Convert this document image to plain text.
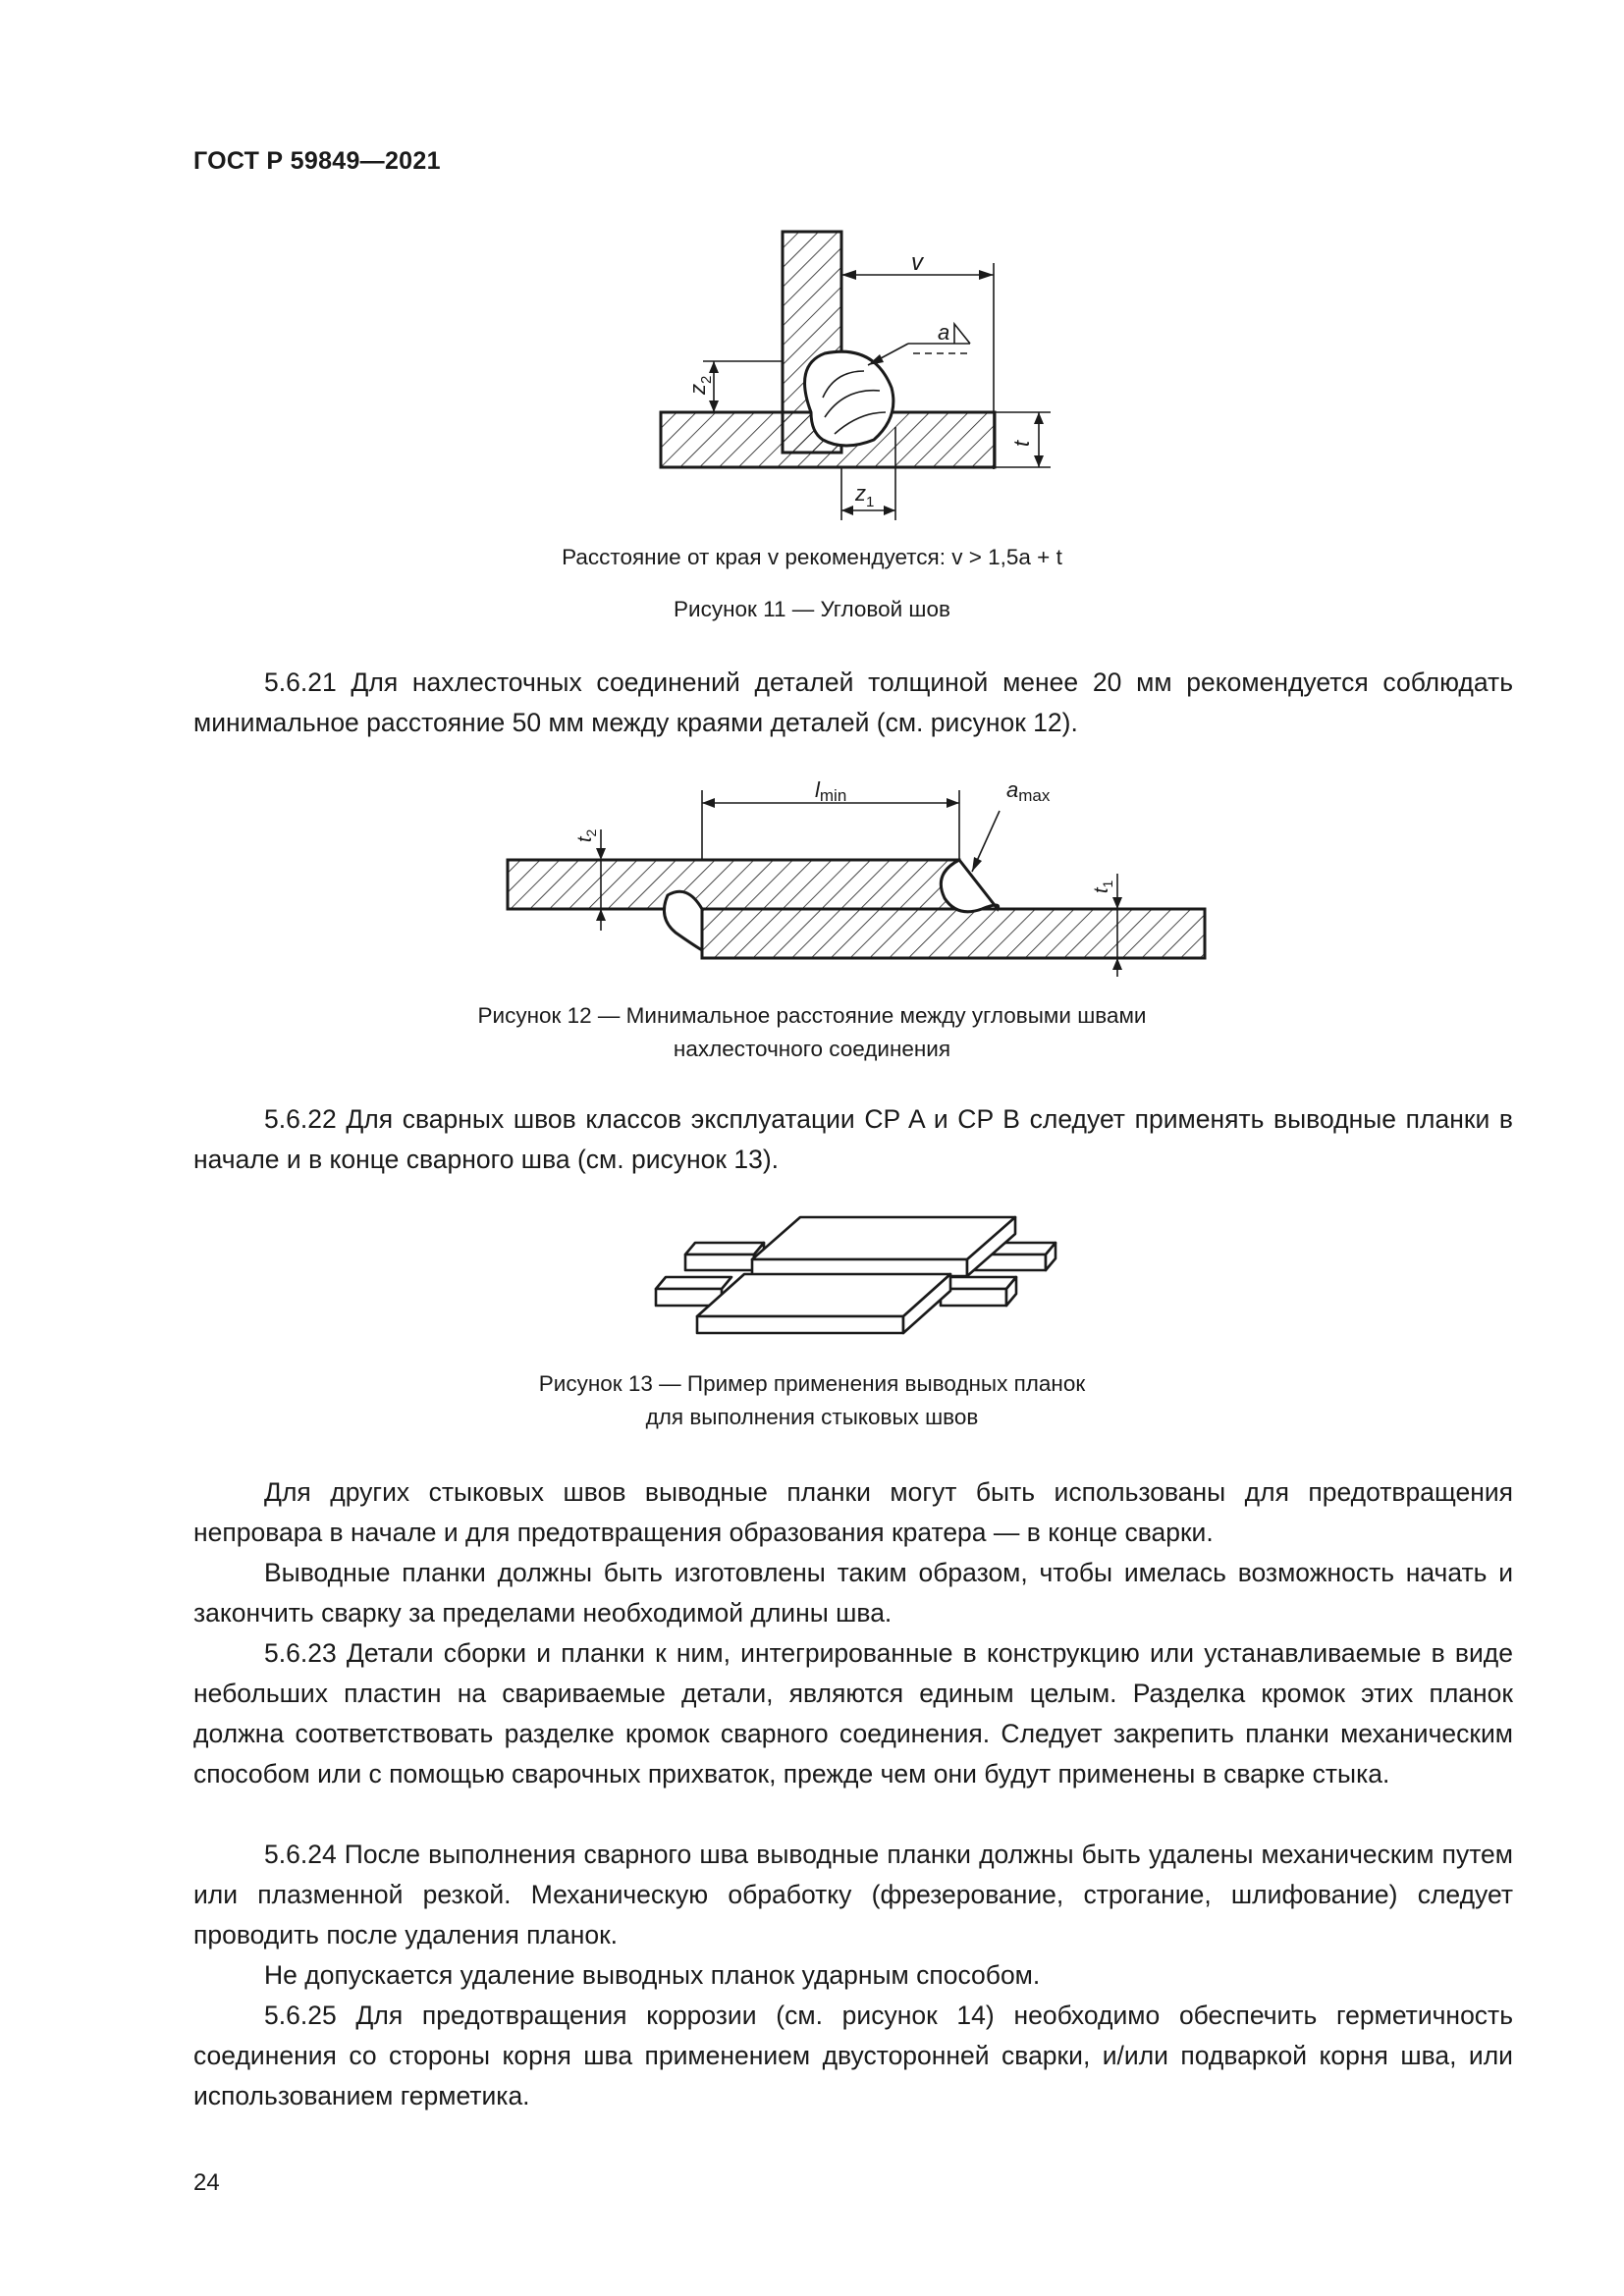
ГОСТ Р 59849—2021
v
a
$z_2$
t
$z_1$
Расстояние от края v рекомендуется: v > 1,5a + t
Рисунок 11 — Угловой шов

5.6.21 Для нахлесточных соединений деталей толщиной менее 20 мм рекомендуется соблюдать минимальное расстояние 50 мм между краями деталей (см. рисунок 12).

lmin	amax
$t_2$
$t_1$
Рисунок 12 — Минимальное расстояние между угловыми швами
нахлесточного соединения

5.6.22 Для сварных швов классов эксплуатации CP A и CP B следует применять выводные планки в начале и в конце сварного шва (см. рисунок 13).

Рисунок 13 — Пример применения выводных планок
для выполнения стыковых швов

Для других стыковых швов выводные планки могут быть использованы для предотвращения непровара в начале и для предотвращения образования кратера — в конце сварки.

Выводные планки должны быть изготовлены таким образом, чтобы имелась возможность начать и закончить сварку за пределами необходимой длины шва.

5.6.23 Детали сборки и планки к ним, интегрированные в конструкцию или устанавливаемые в виде небольших пластин на свариваемые детали, являются единым целым. Разделка кромок этих планок должна соответствовать разделке кромок сварного соединения. Следует закрепить планки механическим способом или с помощью сварочных прихваток, прежде чем они будут применены в сварке стыка.

5.6.24 После выполнения сварного шва выводные планки должны быть удалены механическим путем или плазменной резкой. Механическую обработку (фрезерование, строгание, шлифование) следует проводить после удаления планок.

Не допускается удаление выводных планок ударным способом.

5.6.25 Для предотвращения коррозии (см. рисунок 14) необходимо обеспечить герметичность соединения со стороны корня шва применением двусторонней сварки, и/или подваркой корня шва, или использованием герметика.

24
